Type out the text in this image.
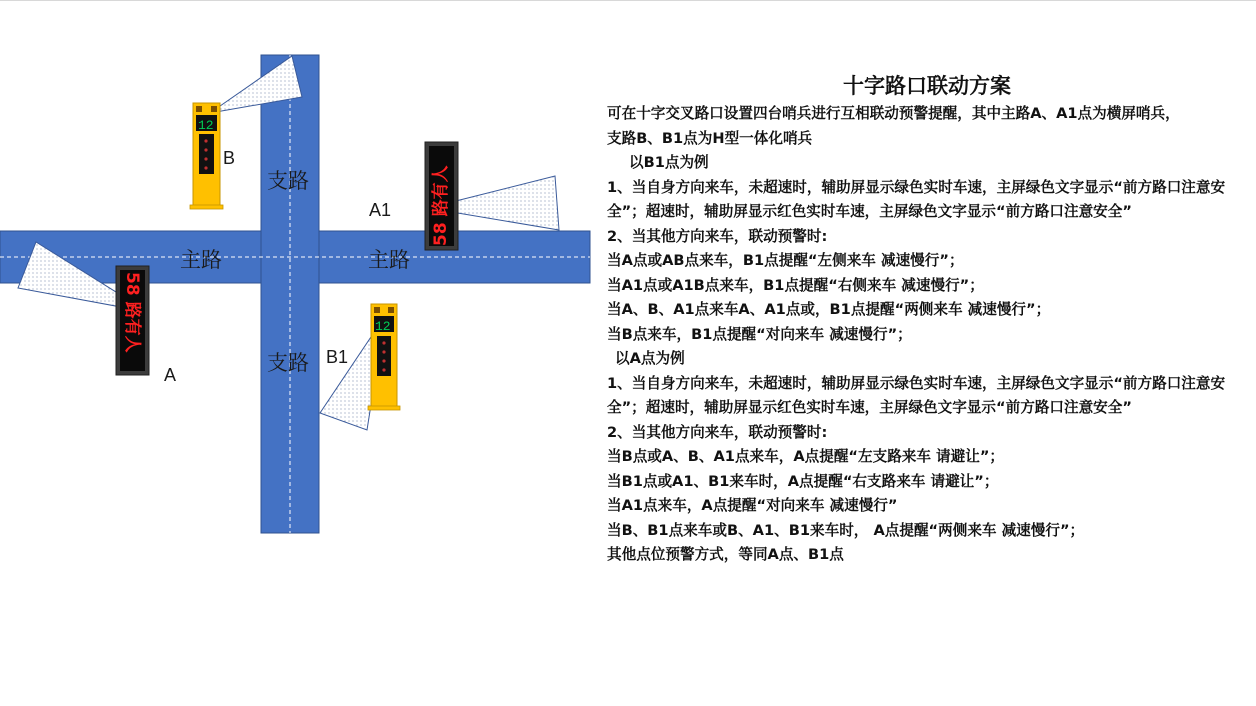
主路	主路
支路
支路
12
12
58 路有人
58 路有人
B
A1
B1
A
十字路口联动方案

可在十字交叉路口设置四台哨兵进行互相联动预警提醒，其中主路A、A1点为横屏哨兵，

支路B、B1点为H型一体化哨兵

以B1点为例

1、当自身方向来车，未超速时，辅助屏显示绿色实时车速，主屏绿色文字显示“前方路口注意安全”；超速时，辅助屏显示红色实时车速，主屏绿色文字显示“前方路口注意安全”

2、当其他方向来车，联动预警时:

当A点或AB点来车，B1点提醒“左侧来车 减速慢行”；

当A1点或A1B点来车，B1点提醒“右侧来车 减速慢行”；

当A、B、A1点来车A、A1点或，B1点提醒“两侧来车 减速慢行”；

当B点来车，B1点提醒“对向来车 减速慢行”；

以A点为例

1、当自身方向来车，未超速时，辅助屏显示绿色实时车速，主屏绿色文字显示“前方路口注意安全”；超速时，辅助屏显示红色实时车速，主屏绿色文字显示“前方路口注意安全”

2、当其他方向来车，联动预警时:

当B点或A、B、A1点来车，A点提醒“左支路来车 请避让”；

当B1点或A1、B1来车时，A点提醒“右支路来车 请避让”；

当A1点来车，A点提醒“对向来车 减速慢行”

当B、B1点来车或B、A1、B1来车时， A点提醒“两侧来车 减速慢行”；

其他点位预警方式，等同A点、B1点
